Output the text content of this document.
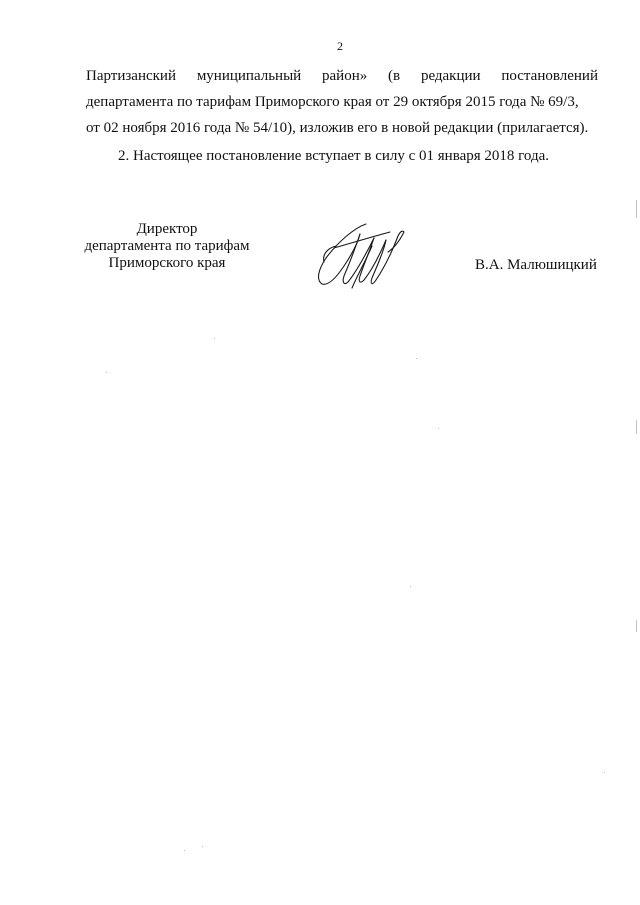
2
Партизанский муниципальный район» (в редакции постановлений
департамента по тарифам Приморского края от 29 октября 2015 года № 69/3,
от 02 ноября 2016 года № 54/10), изложив его в новой редакции (прилагается).
2. Настоящее постановление вступает в силу с 01 января 2018 года.
Директор
департамента по тарифам
Приморского края	В.А. Малюшицкий
